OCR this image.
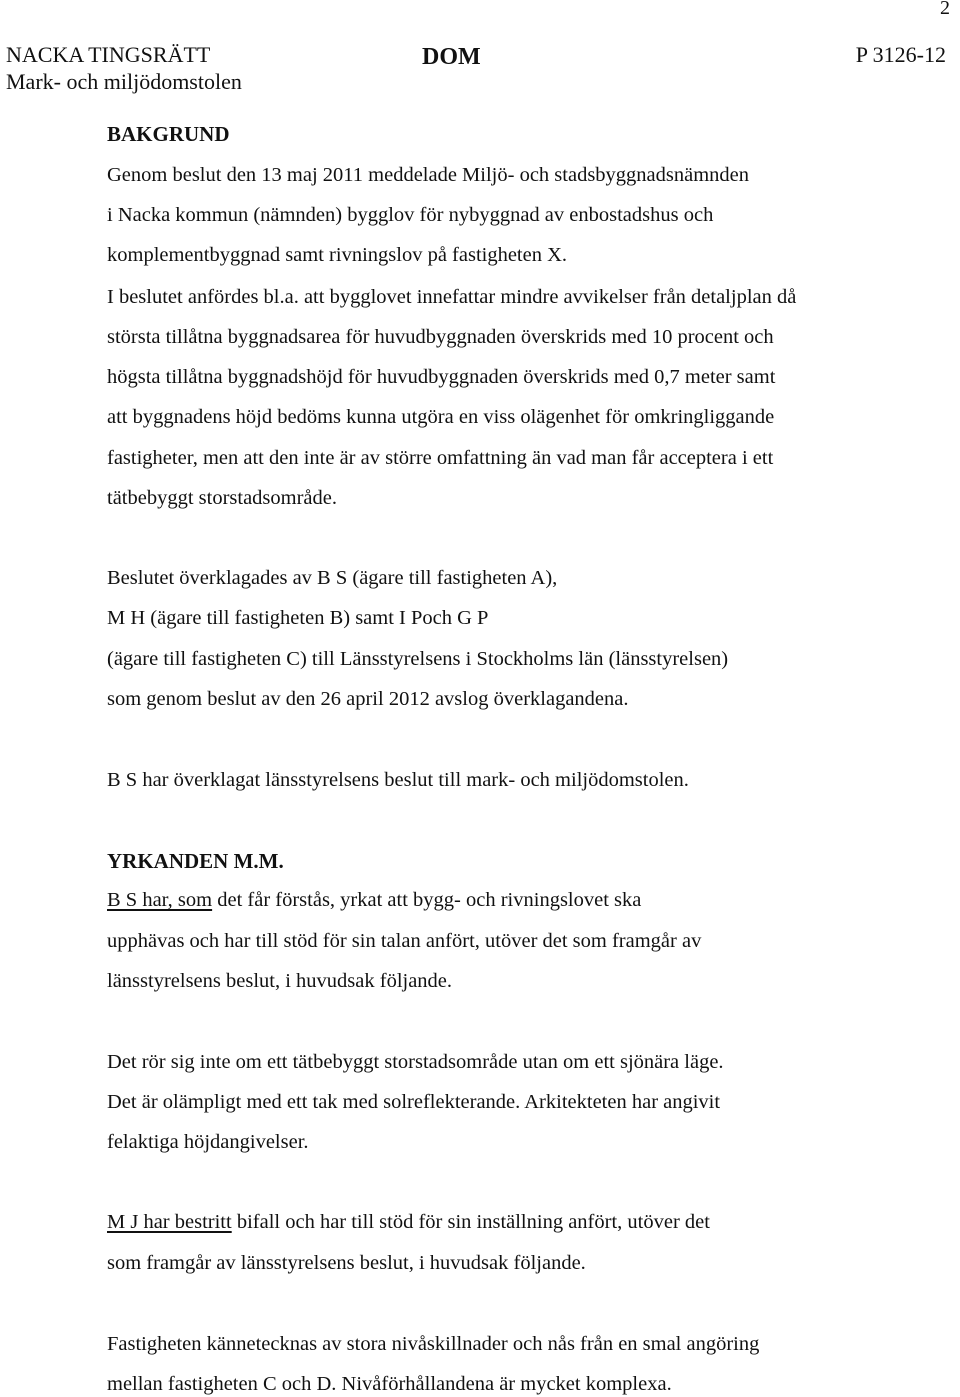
2
NACKA TINGSRÄTT
Mark- och miljödomstolen
DOM	P 3126-12
BAKGRUND
Genom beslut den 13 maj 2011 meddelade Miljö- och stadsbyggnadsnämnden
i Nacka kommun (nämnden) bygglov för nybyggnad av enbostadshus och
komplementbyggnad samt rivningslov på fastigheten X.
I beslutet anfördes bl.a. att bygglovet innefattar mindre avvikelser från detaljplan då
största tillåtna byggnadsarea för huvudbyggnaden överskrids med 10 procent och
högsta tillåtna byggnadshöjd för huvudbyggnaden överskrids med 0,7 meter samt
att byggnadens höjd bedöms kunna utgöra en viss olägenhet för omkringliggande
fastigheter, men att den inte är av större omfattning än vad man får acceptera i ett
tätbebyggt storstadsområde.
Beslutet överklagades av B S (ägare till fastigheten A),
M H (ägare till fastigheten B) samt I Poch G P
(ägare till fastigheten C) till Länsstyrelsens i Stockholms län (länsstyrelsen)
som genom beslut av den 26 april 2012 avslog överklagandena.
B S har överklagat länsstyrelsens beslut till mark- och miljödomstolen.
YRKANDEN M.M.
B S har, som det får förstås, yrkat att bygg- och rivningslovet ska
upphävas och har till stöd för sin talan anfört, utöver det som framgår av
länsstyrelsens beslut, i huvudsak följande.
Det rör sig inte om ett tätbebyggt storstadsområde utan om ett sjönära läge.
Det är olämpligt med ett tak med solreflekterande. Arkitekteten har angivit
felaktiga höjdangivelser.
M J har bestritt bifall och har till stöd för sin inställning anfört, utöver det
som framgår av länsstyrelsens beslut, i huvudsak följande.
Fastigheten kännetecknas av stora nivåskillnader och nås från en smal angöring
mellan fastigheten C och D. Nivåförhållandena är mycket komplexa.
